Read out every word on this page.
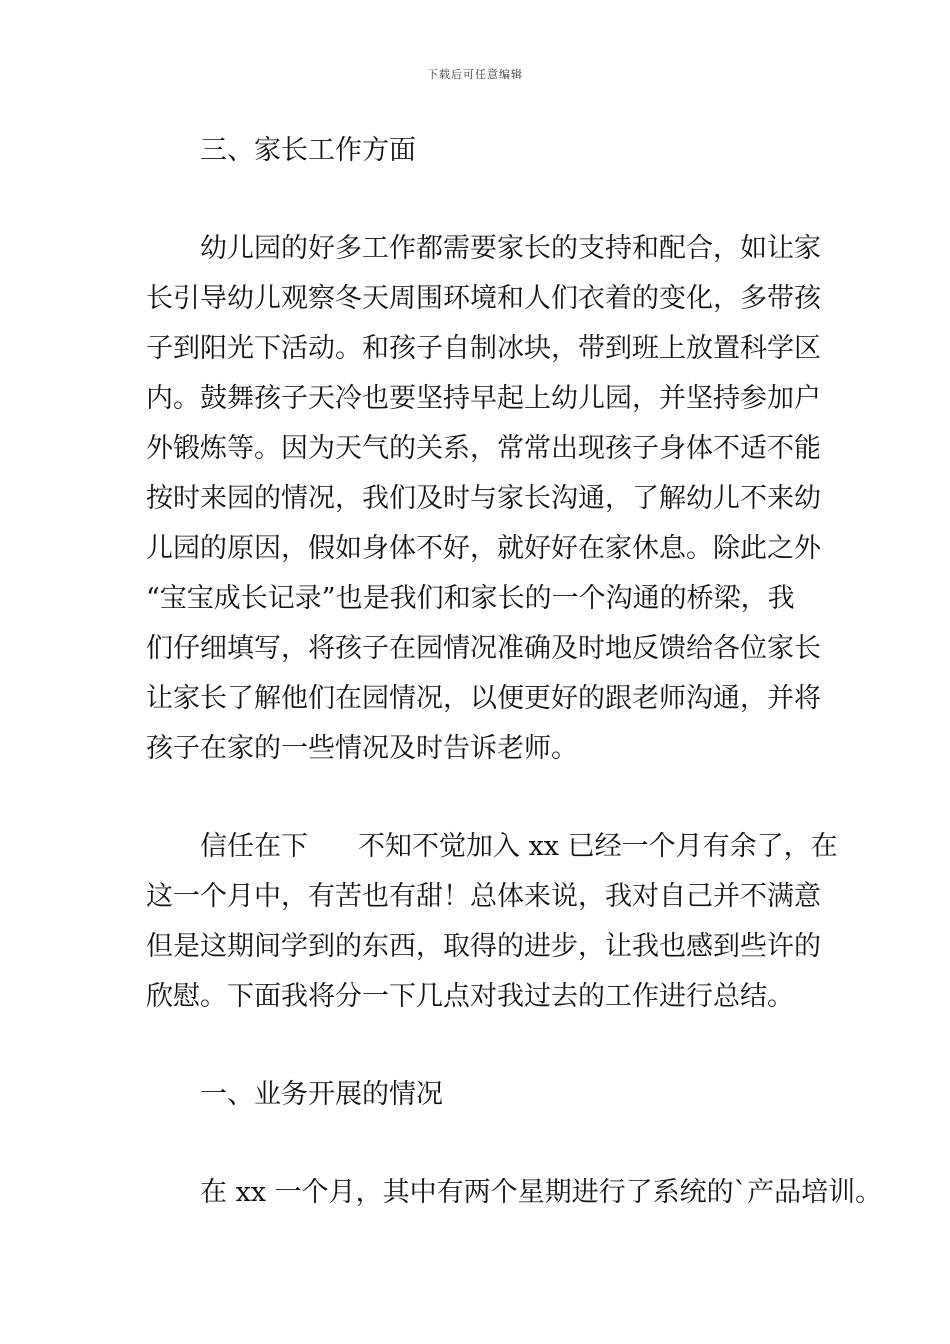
下载后可任意编辑

三、家长工作方面

幼儿园的好多工作都需要家长的支持和配合，如让家
长引导幼儿观察冬天周围环境和人们衣着的变化，多带孩
子到阳光下活动。和孩子自制冰块，带到班上放置科学区
内。鼓舞孩子天冷也要坚持早起上幼儿园，并坚持参加户
外锻炼等。因为天气的关系，常常出现孩子身体不适不能
按时来园的情况，我们及时与家长沟通，了解幼儿不来幼
儿园的原因，假如身体不好，就好好在家休息。除此之外
“宝宝成长记录”也是我们和家长的一个沟通的桥梁，我
们仔细填写，将孩子在园情况准确及时地反馈给各位家长
让家长了解他们在园情况，以便更好的跟老师沟通，并将
孩子在家的一些情况及时告诉老师。
信任在下 不知不觉加入 xx 已经一个月有余了，在
这一个月中，有苦也有甜！总体来说，我对自己并不满意
但是这期间学到的东西，取得的进步，让我也感到些许的
欣慰。下面我将分一下几点对我过去的工作进行总结。

一、业务开展的情况

在 xx 一个月，其中有两个星期进行了系统的`产品培训。
